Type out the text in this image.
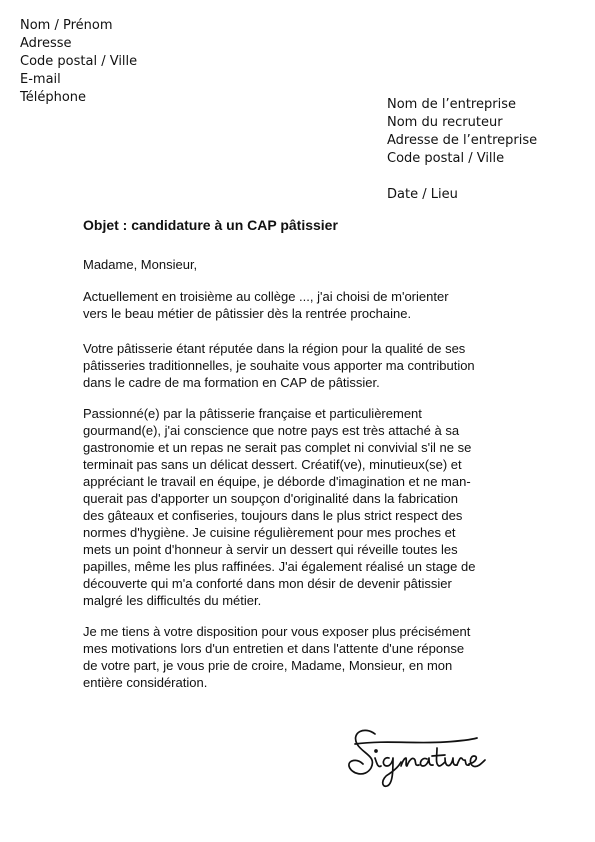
Nom / Prénom
Adresse
Code postal / Ville
E-mail
Téléphone	Nom de l’entreprise
Nom du recruteur
Adresse de l’entreprise
Code postal / Ville
Date / Lieu
Objet : candidature à un CAP pâtissier
Madame, Monsieur,
Actuellement en troisième au collège ..., j'ai choisi de m'orienter
vers le beau métier de pâtissier dès la rentrée prochaine.
Votre pâtisserie étant réputée dans la région pour la qualité de ses
pâtisseries traditionnelles, je souhaite vous apporter ma contribution
dans le cadre de ma formation en CAP de pâtissier.
Passionné(e) par la pâtisserie française et particulièrement
gourmand(e), j'ai conscience que notre pays est très attaché à sa
gastronomie et un repas ne serait pas complet ni convivial s'il ne se
terminait pas sans un délicat dessert. Créatif(ve), minutieux(se) et
appréciant le travail en équipe, je déborde d'imagination et ne man-
querait pas d'apporter un soupçon d'originalité dans la fabrication
des gâteaux et confiseries, toujours dans le plus strict respect des
normes d'hygiène. Je cuisine régulièrement pour mes proches et
mets un point d'honneur à servir un dessert qui réveille toutes les
papilles, même les plus raffinées. J'ai également réalisé un stage de
découverte qui m'a conforté dans mon désir de devenir pâtissier
malgré les difficultés du métier.
Je me tiens à votre disposition pour vous exposer plus précisément
mes motivations lors d'un entretien et dans l'attente d'une réponse
de votre part, je vous prie de croire, Madame, Monsieur, en mon
entière considération.
